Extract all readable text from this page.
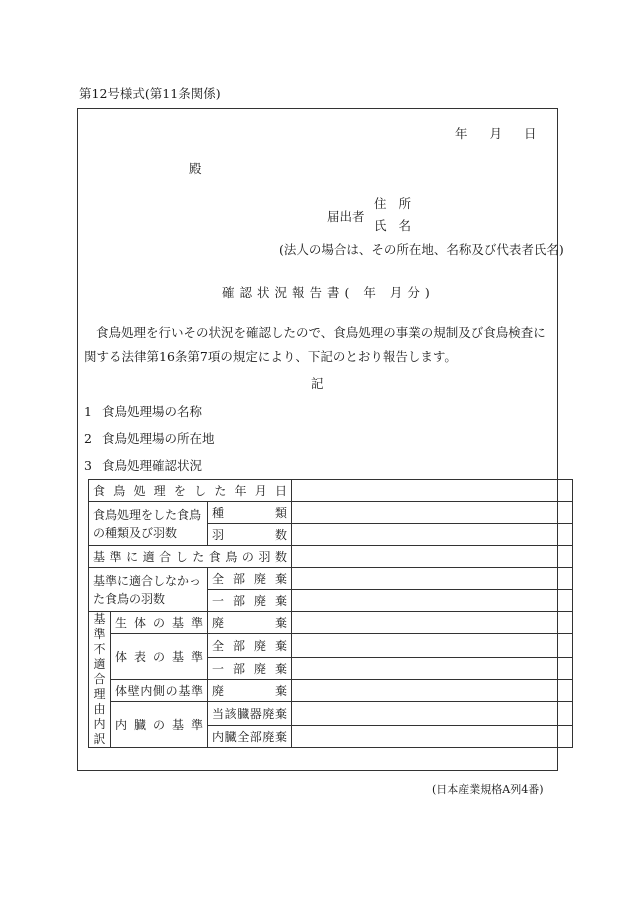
第12号様式(第11条関係)
年 月 日
殿
届出者
住所
氏名
(法人の場合は、その所在地、名称及び代表者氏名)
確認状況報告書( 年 月分)
食鳥処理を行いその状況を確認したので、食鳥処理の事業の規制及び食鳥検査に関する法律第16条第7項の規定により、下記のとおり報告します。
記
1 食鳥処理場の名称
2 食鳥処理場の所在地
3 食鳥処理確認状況
食鳥処理をした年月日			
食鳥処理をした食鳥の種類及び羽数		種類	
		羽数	
基準に適合した食鳥の羽数			
基準に適合しなかった食鳥の羽数		全部廃棄	
		一部廃棄	
基準不適合理由内訳	生体の基準	廃棄	
	体表の基準	全部廃棄	
		一部廃棄	
	体壁内側の基準	廃棄	
	内臓の基準	当該臓器廃棄	
		内臓全部廃棄	
(日本産業規格A列4番)
